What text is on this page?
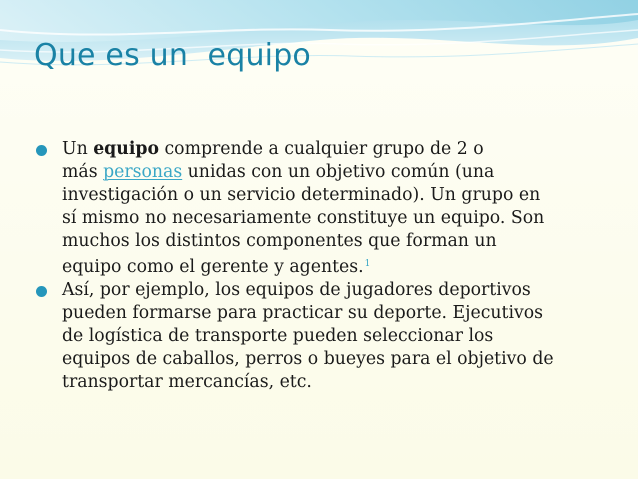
Que es un  equipo
Un equipo comprende a cualquier grupo de 2 o
más personas unidas con un objetivo común (una
investigación o un servicio determinado). Un grupo en
sí mismo no necesariamente constituye un equipo. Son
muchos los distintos componentes que forman un
equipo como el gerente y agentes.$^1$
Así, por ejemplo, los equipos de jugadores deportivos
pueden formarse para practicar su deporte. Ejecutivos
de logística de transporte pueden seleccionar los
equipos de caballos, perros o bueyes para el objetivo de
transportar mercancías, etc.
